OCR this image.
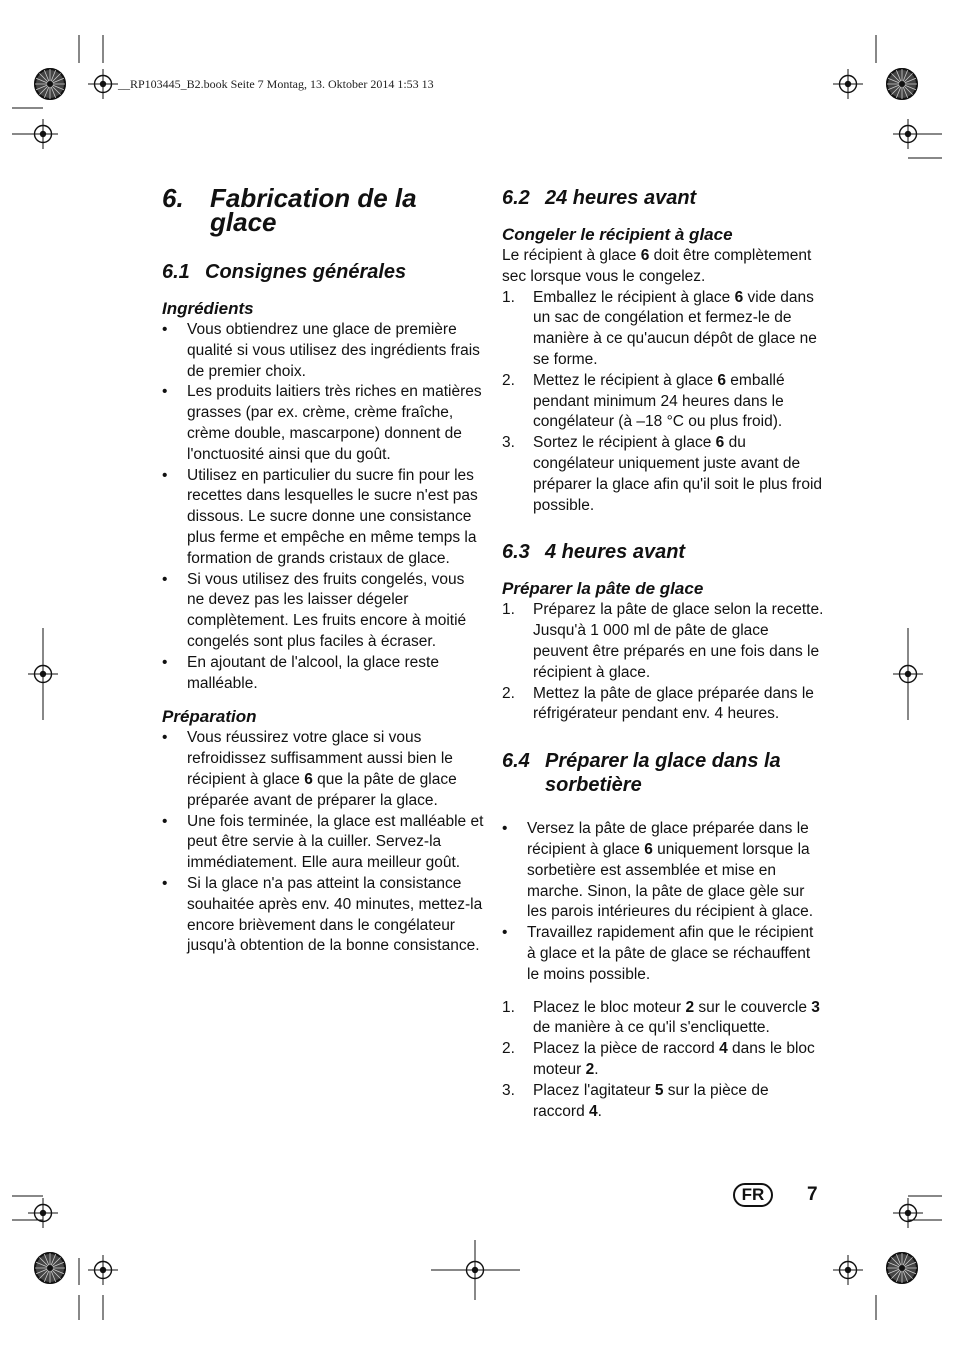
__RP103445_B2.book Seite 7 Montag, 13. Oktober 2014 1:53 13
6.	Fabrication de la glace
6.1 Consignes générales
Ingrédients
• Vous obtiendrez une glace de première qualité si vous utilisez des ingrédients frais de premier choix.
• Les produits laitiers très riches en matières grasses (par ex. crème, crème fraîche, crème double, mascarpone) donnent de l'onctuosité ainsi que du goût.
• Utilisez en particulier du sucre fin pour les recettes dans lesquelles le sucre n'est pas dissous. Le sucre donne une consistance plus ferme et empêche en même temps la formation de grands cristaux de glace.
• Si vous utilisez des fruits congelés, vous ne devez pas les laisser dégeler complètement. Les fruits encore à moitié congelés sont plus faciles à écraser.
• En ajoutant de l'alcool, la glace reste malléable.
Préparation
• Vous réussirez votre glace si vous refroidissez suffisamment aussi bien le récipient à glace 6 que la pâte de glace préparée avant de préparer la glace.
• Une fois terminée, la glace est malléable et peut être servie à la cuiller. Servez-la immédiatement. Elle aura meilleur goût.
• Si la glace n'a pas atteint la consistance souhaitée après env. 40 minutes, mettez-la encore brièvement dans le congélateur jusqu'à obtention de la bonne consistance.
6.2 24 heures avant
Congeler le récipient à glace

Le récipient à glace 6 doit être complètement sec lorsque vous le congelez.

1. Emballez le récipient à glace 6 vide dans un sac de congélation et fermez-le de manière à ce qu'aucun dépôt de glace ne se forme.
2. Mettez le récipient à glace 6 emballé pendant minimum 24 heures dans le congélateur (à –18 °C ou plus froid).
3. Sortez le récipient à glace 6 du congélateur uniquement juste avant de préparer la glace afin qu'il soit le plus froid possible.
6.3 4 heures avant
Préparer la pâte de glace
1. Préparez la pâte de glace selon la recette. Jusqu'à 1 000 ml de pâte de glace peuvent être préparés en une fois dans le récipient à glace.
2. Mettez la pâte de glace préparée dans le réfrigérateur pendant env. 4 heures.
6.4 Préparer la glace dans la sorbetière
• Versez la pâte de glace préparée dans le récipient à glace 6 uniquement lorsque la sorbetière est assemblée et mise en marche. Sinon, la pâte de glace gèle sur les parois intérieures du récipient à glace.
• Travaillez rapidement afin que le récipient à glace et la pâte de glace se réchauffent le moins possible.
1. Placez le bloc moteur 2 sur le couvercle 3 de manière à ce qu'il s'encliquette.
2. Placez la pièce de raccord 4 dans le bloc moteur 2.
3. Placez l'agitateur 5 sur la pièce de raccord 4.
FR	7
